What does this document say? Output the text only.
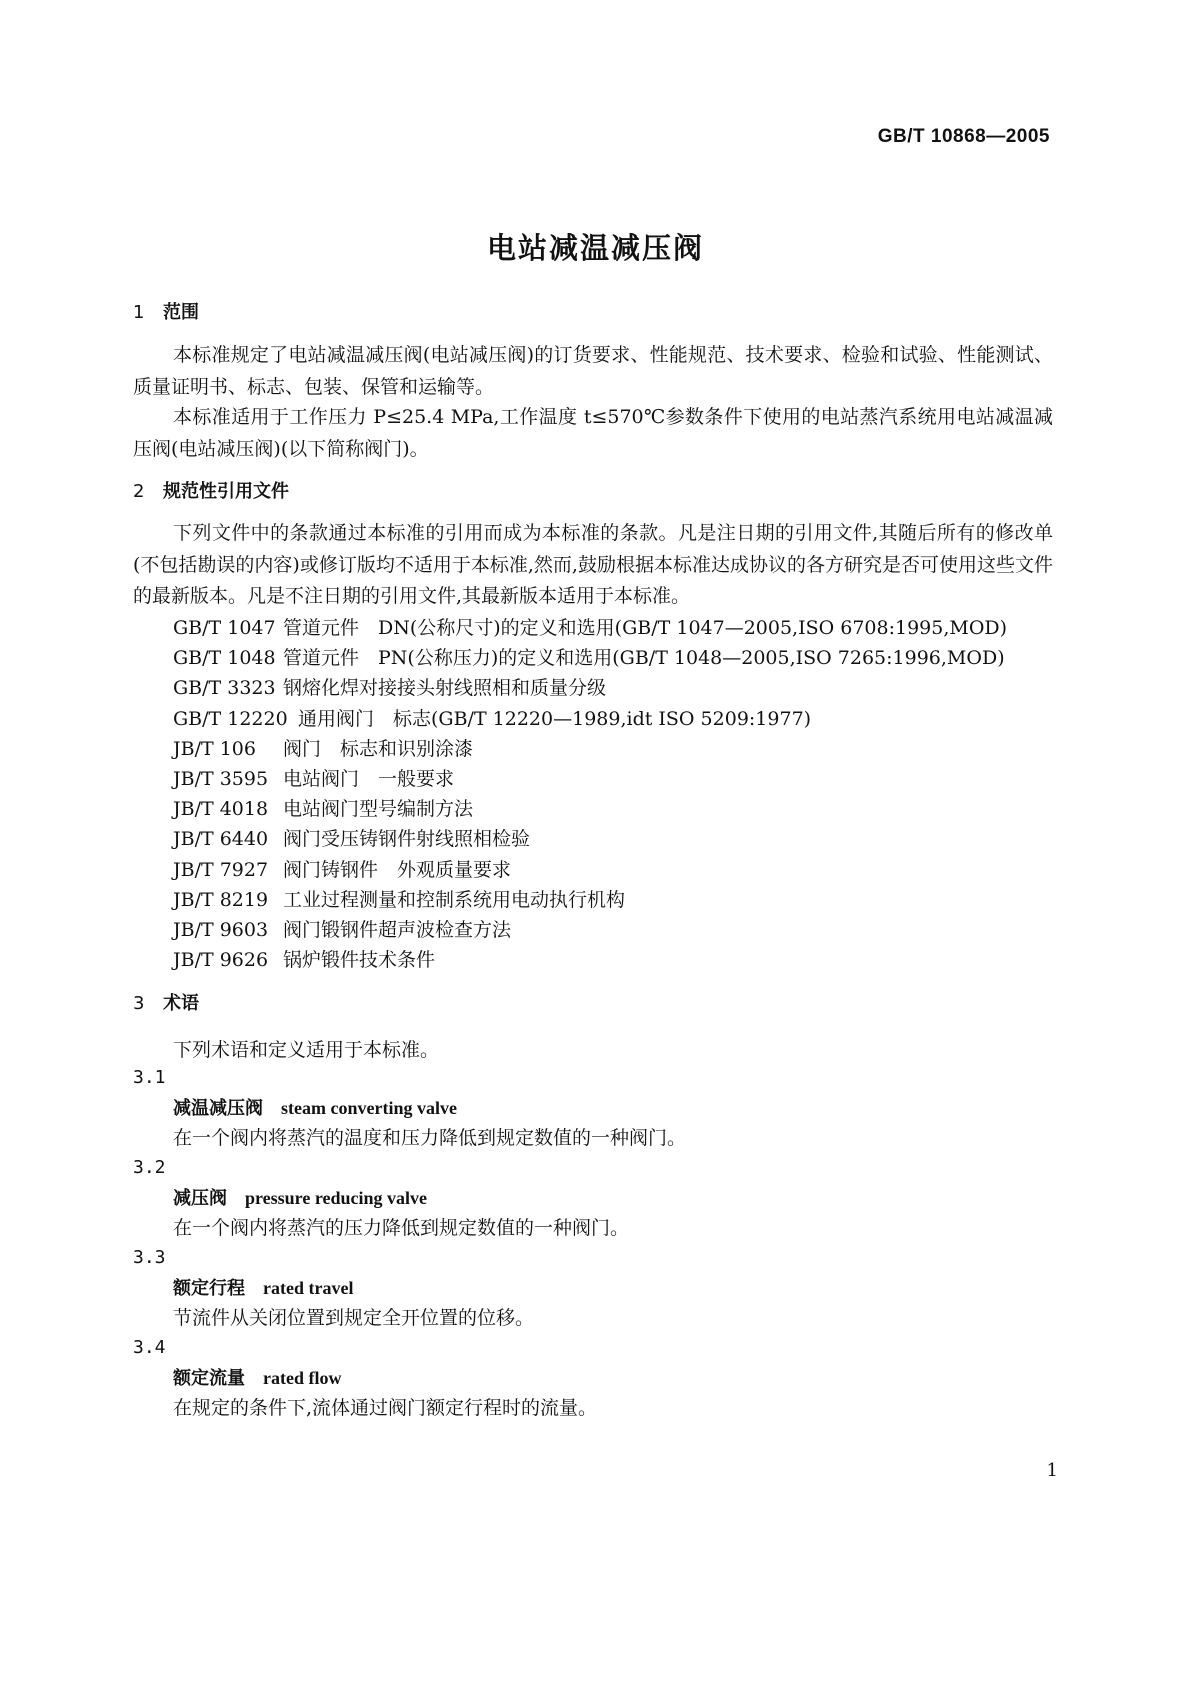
GB/T 10868—2005
电站减温减压阀
1 范围
本标准规定了电站减温减压阀(电站减压阀)的订货要求、性能规范、技术要求、检验和试验、性能测试、质量证明书、标志、包装、保管和运输等。
本标准适用于工作压力 P≤25.4 MPa,工作温度 t≤570℃参数条件下使用的电站蒸汽系统用电站减温减压阀(电站减压阀)(以下简称阀门)。
2 规范性引用文件
下列文件中的条款通过本标准的引用而成为本标准的条款。凡是注日期的引用文件,其随后所有的修改单(不包括勘误的内容)或修订版均不适用于本标准,然而,鼓励根据本标准达成协议的各方研究是否可使用这些文件的最新版本。凡是不注日期的引用文件,其最新版本适用于本标准。
GB/T 1047 管道元件　DN(公称尺寸)的定义和选用(GB/T 1047—2005,ISO 6708:1995,MOD)
GB/T 1048 管道元件　PN(公称压力)的定义和选用(GB/T 1048—2005,ISO 7265:1996,MOD)
GB/T 3323 钢熔化焊对接接头射线照相和质量分级
GB/T 12220 通用阀门　标志(GB/T 12220—1989,idt ISO 5209:1977)
JB/T 106 阀门　标志和识别涂漆
JB/T 3595 电站阀门　一般要求
JB/T 4018 电站阀门型号编制方法
JB/T 6440 阀门受压铸钢件射线照相检验
JB/T 7927 阀门铸钢件　外观质量要求
JB/T 8219 工业过程测量和控制系统用电动执行机构
JB/T 9603 阀门锻钢件超声波检查方法
JB/T 9626 锅炉锻件技术条件
3 术语
下列术语和定义适用于本标准。
3.1
减温减压阀 steam converting valve
在一个阀内将蒸汽的温度和压力降低到规定数值的一种阀门。
3.2
减压阀 pressure reducing valve
在一个阀内将蒸汽的压力降低到规定数值的一种阀门。
3.3
额定行程 rated travel
节流件从关闭位置到规定全开位置的位移。
3.4
额定流量 rated flow
在规定的条件下,流体通过阀门额定行程时的流量。
1
